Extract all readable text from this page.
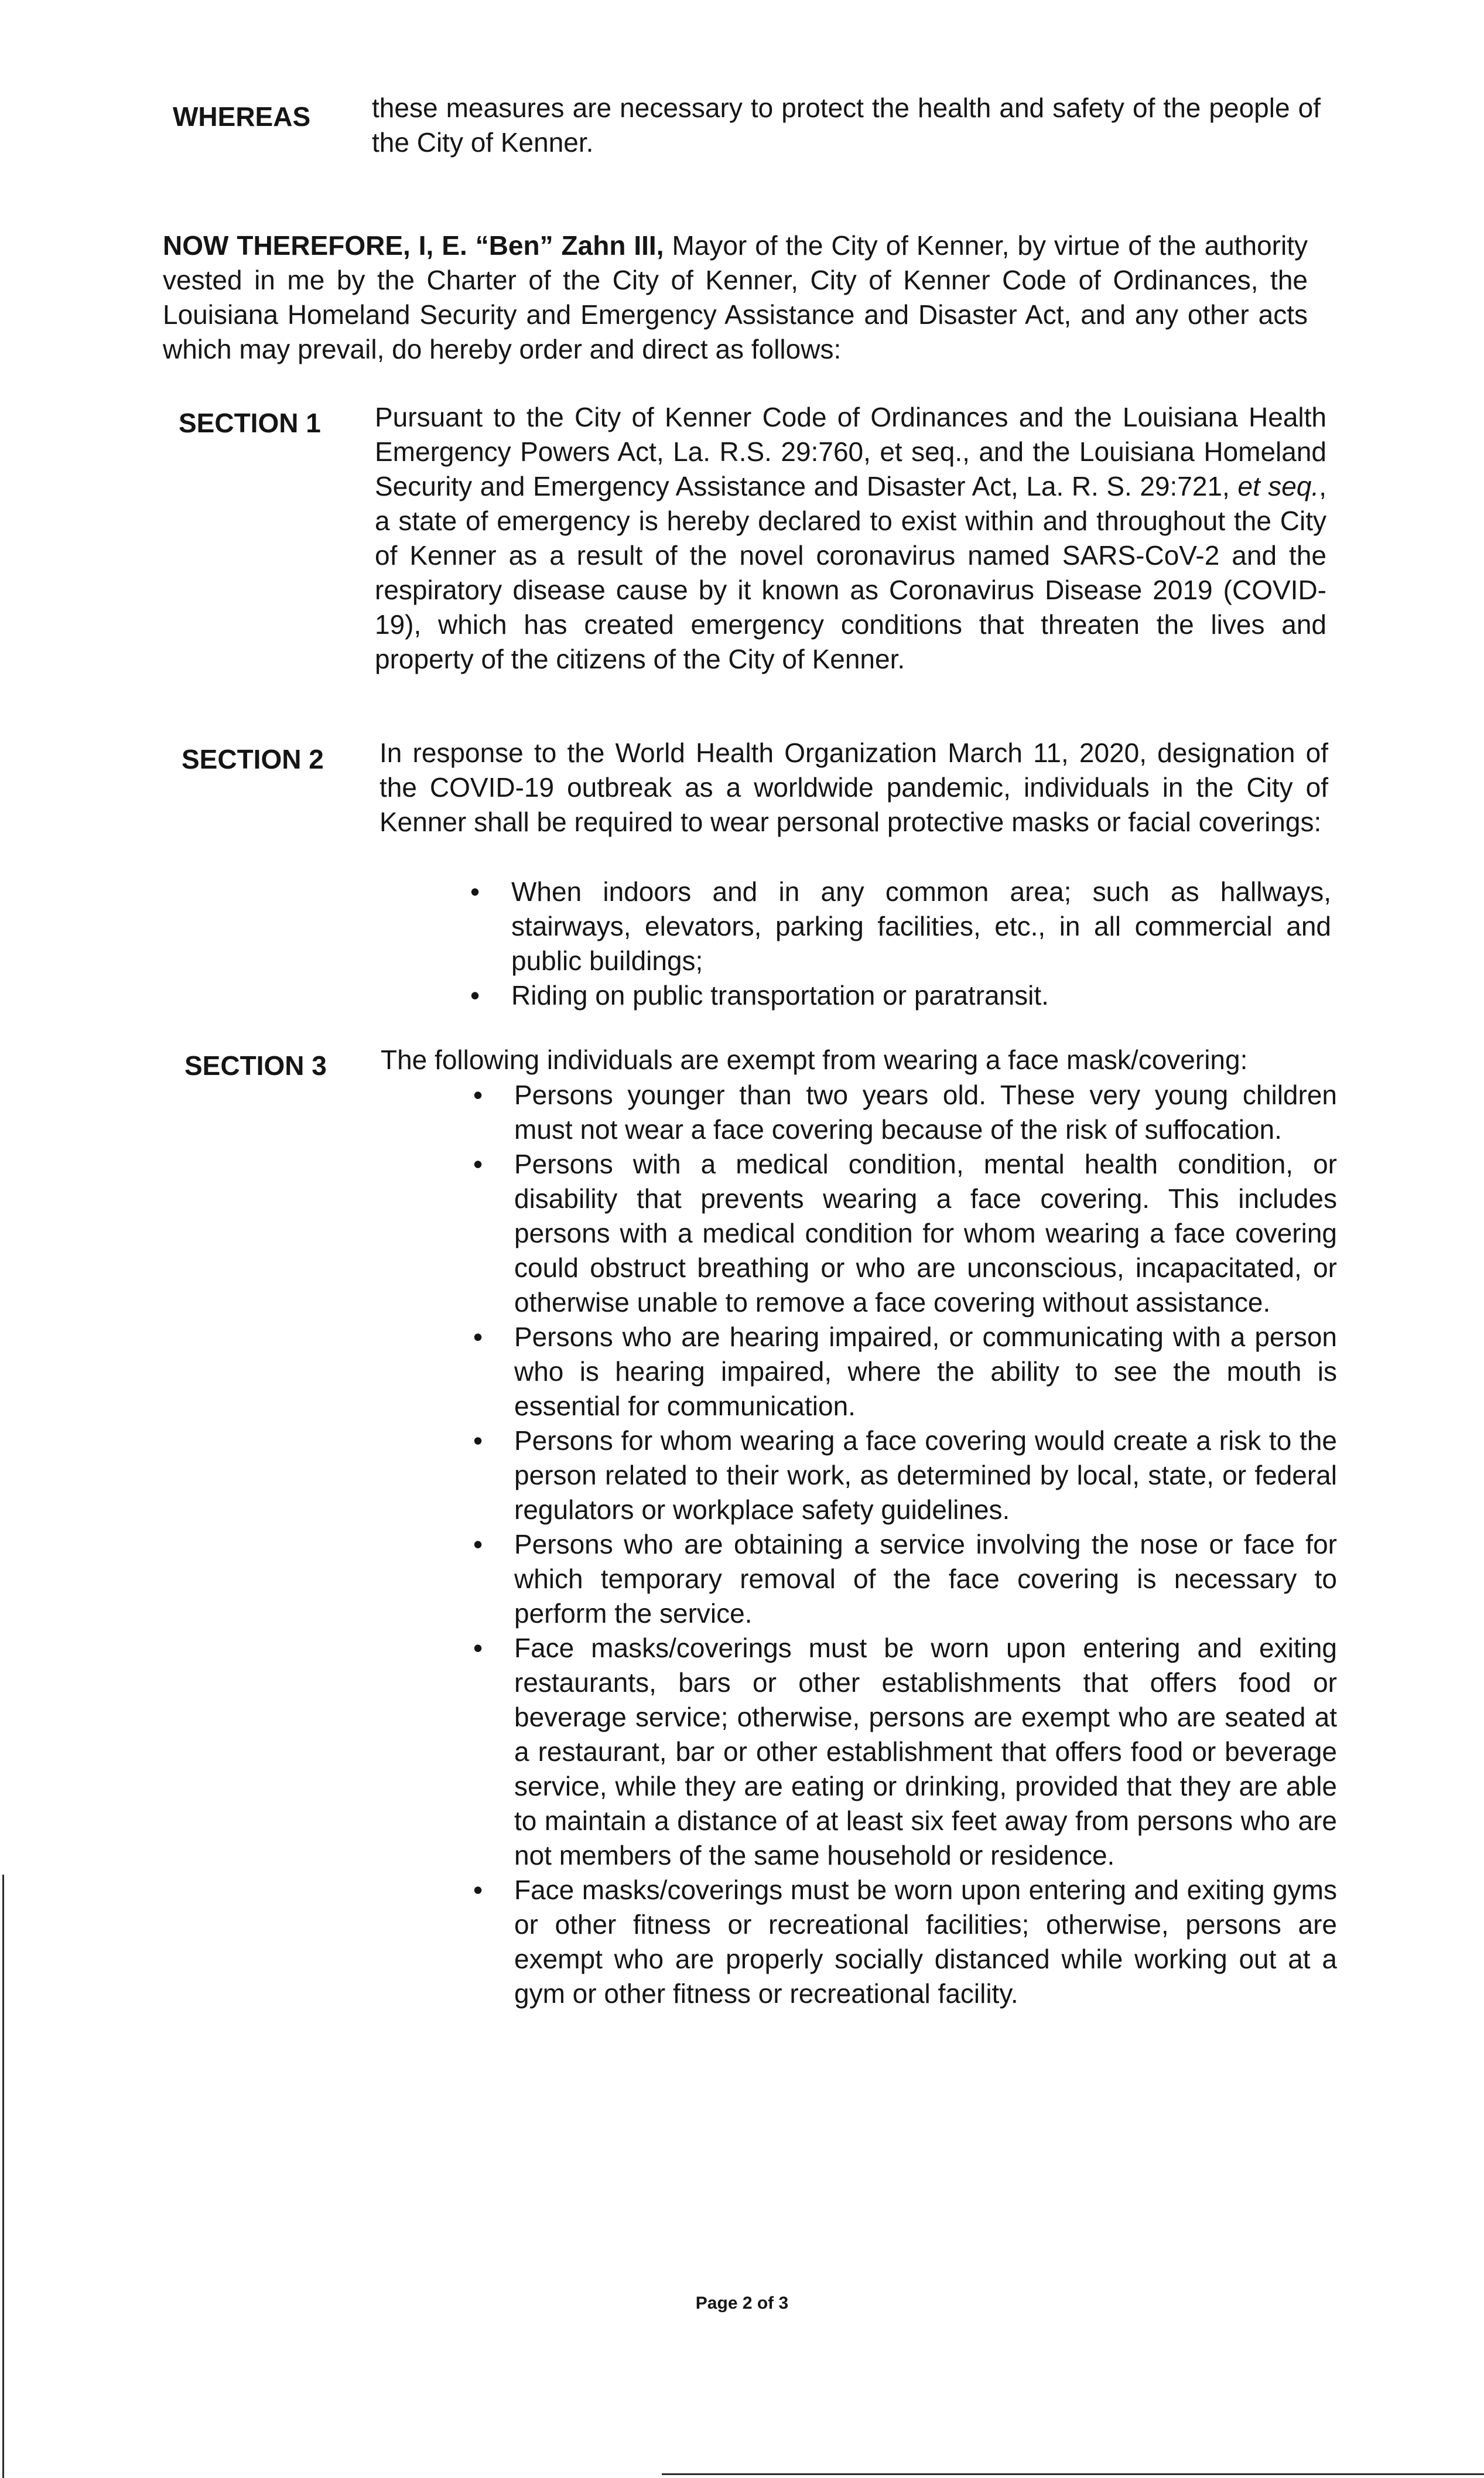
WHEREAS these measures are necessary to protect the health and safety of the people of the City of Kenner.
NOW THEREFORE, I, E. “Ben” Zahn III, Mayor of the City of Kenner, by virtue of the authority vested in me by the Charter of the City of Kenner, City of Kenner Code of Ordinances, the Louisiana Homeland Security and Emergency Assistance and Disaster Act, and any other acts which may prevail, do hereby order and direct as follows:
SECTION 1 Pursuant to the City of Kenner Code of Ordinances and the Louisiana Health Emergency Powers Act, La. R.S. 29:760, et seq., and the Louisiana Homeland Security and Emergency Assistance and Disaster Act, La. R. S. 29:721, et seq., a state of emergency is hereby declared to exist within and throughout the City of Kenner as a result of the novel coronavirus named SARS-CoV-2 and the respiratory disease cause by it known as Coronavirus Disease 2019 (COVID-19), which has created emergency conditions that threaten the lives and property of the citizens of the City of Kenner.
SECTION 2 In response to the World Health Organization March 11, 2020, designation of the COVID-19 outbreak as a worldwide pandemic, individuals in the City of Kenner shall be required to wear personal protective masks or facial coverings:
• When indoors and in any common area; such as hallways, stairways, elevators, parking facilities, etc., in all commercial and public buildings;
• Riding on public transportation or paratransit.
SECTION 3 The following individuals are exempt from wearing a face mask/covering:
• Persons younger than two years old. These very young children must not wear a face covering because of the risk of suffocation.
• Persons with a medical condition, mental health condition, or disability that prevents wearing a face covering. This includes persons with a medical condition for whom wearing a face covering could obstruct breathing or who are unconscious, incapacitated, or otherwise unable to remove a face covering without assistance.
• Persons who are hearing impaired, or communicating with a person who is hearing impaired, where the ability to see the mouth is essential for communication.
• Persons for whom wearing a face covering would create a risk to the person related to their work, as determined by local, state, or federal regulators or workplace safety guidelines.
• Persons who are obtaining a service involving the nose or face for which temporary removal of the face covering is necessary to perform the service.
• Face masks/coverings must be worn upon entering and exiting restaurants, bars or other establishments that offers food or beverage service; otherwise, persons are exempt who are seated at a restaurant, bar or other establishment that offers food or beverage service, while they are eating or drinking, provided that they are able to maintain a distance of at least six feet away from persons who are not members of the same household or residence.
• Face masks/coverings must be worn upon entering and exiting gyms or other fitness or recreational facilities; otherwise, persons are exempt who are properly socially distanced while working out at a gym or other fitness or recreational facility.
Page 2 of 3
